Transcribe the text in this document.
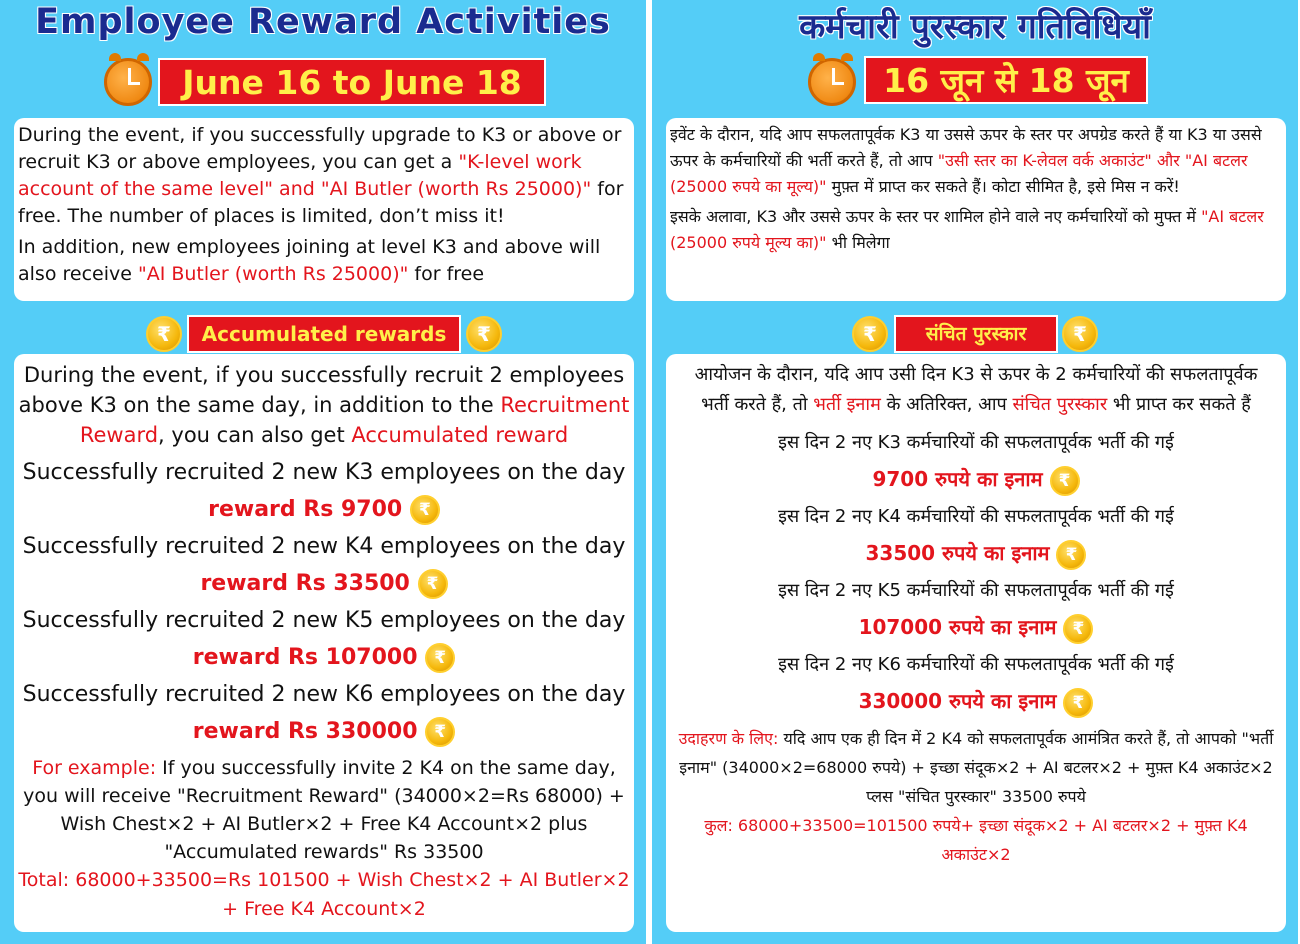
Employee Reward Activities
June 16 to June 18

During the event, if you successfully upgrade to K3 or above or recruit K3 or above employees, you can get a "K-level work account of the same level" and "AI Butler (worth Rs 25000)" for free. The number of places is limited, don’t miss it!

In addition, new employees joining at level K3 and above will also receive "AI Butler (worth Rs 25000)" for free

₹	Accumulated rewards	₹

During the event, if you successfully recruit 2 employees above K3 on the same day, in addition to the Recruitment Reward, you can also get Accumulated reward

Successfully recruited 2 new K3 employees on the day

reward Rs 9700 ₹

Successfully recruited 2 new K4 employees on the day

reward Rs 33500 ₹

Successfully recruited 2 new K5 employees on the day

reward Rs 107000 ₹

Successfully recruited 2 new K6 employees on the day

reward Rs 330000 ₹

For example: If you successfully invite 2 K4 on the same day, you will receive "Recruitment Reward" (34000×2=Rs 68000) + Wish Chest×2 + AI Butler×2 + Free K4 Account×2 plus "Accumulated rewards" Rs 33500

Total: 68000+33500=Rs 101500 + Wish Chest×2 + AI Butler×2 + Free K4 Account×2

कर्मचारी पुरस्कार गतिविधियाँ
16 जून से 18 जून

इवेंट के दौरान, यदि आप सफलतापूर्वक K3 या उससे ऊपर के स्तर पर अपग्रेड करते हैं या K3 या उससे ऊपर के कर्मचारियों की भर्ती करते हैं, तो आप "उसी स्तर का K-लेवल वर्क अकाउंट" और "AI बटलर (25000 रुपये का मूल्य)" मुफ़्त में प्राप्त कर सकते हैं। कोटा सीमित है, इसे मिस न करें!

इसके अलावा, K3 और उससे ऊपर के स्तर पर शामिल होने वाले नए कर्मचारियों को मुफ्त में "AI बटलर (25000 रुपये मूल्य का)" भी मिलेगा

₹	संचित पुरस्कार	₹

आयोजन के दौरान, यदि आप उसी दिन K3 से ऊपर के 2 कर्मचारियों की सफलतापूर्वक भर्ती करते हैं, तो भर्ती इनाम के अतिरिक्त, आप संचित पुरस्कार भी प्राप्त कर सकते हैं

इस दिन 2 नए K3 कर्मचारियों की सफलतापूर्वक भर्ती की गई

9700 रुपये का इनाम ₹

इस दिन 2 नए K4 कर्मचारियों की सफलतापूर्वक भर्ती की गई

33500 रुपये का इनाम ₹

इस दिन 2 नए K5 कर्मचारियों की सफलतापूर्वक भर्ती की गई

107000 रुपये का इनाम ₹

इस दिन 2 नए K6 कर्मचारियों की सफलतापूर्वक भर्ती की गई

330000 रुपये का इनाम ₹

उदाहरण के लिए: यदि आप एक ही दिन में 2 K4 को सफलतापूर्वक आमंत्रित करते हैं, तो आपको "भर्ती इनाम" (34000×2=68000 रुपये) + इच्छा संदूक×2 + AI बटलर×2 + मुफ़्त K4 अकाउंट×2 प्लस "संचित पुरस्कार" 33500 रुपये

कुल: 68000+33500=101500 रुपये+ इच्छा संदूक×2 + AI बटलर×2 + मुफ़्त K4 अकाउंट×2
